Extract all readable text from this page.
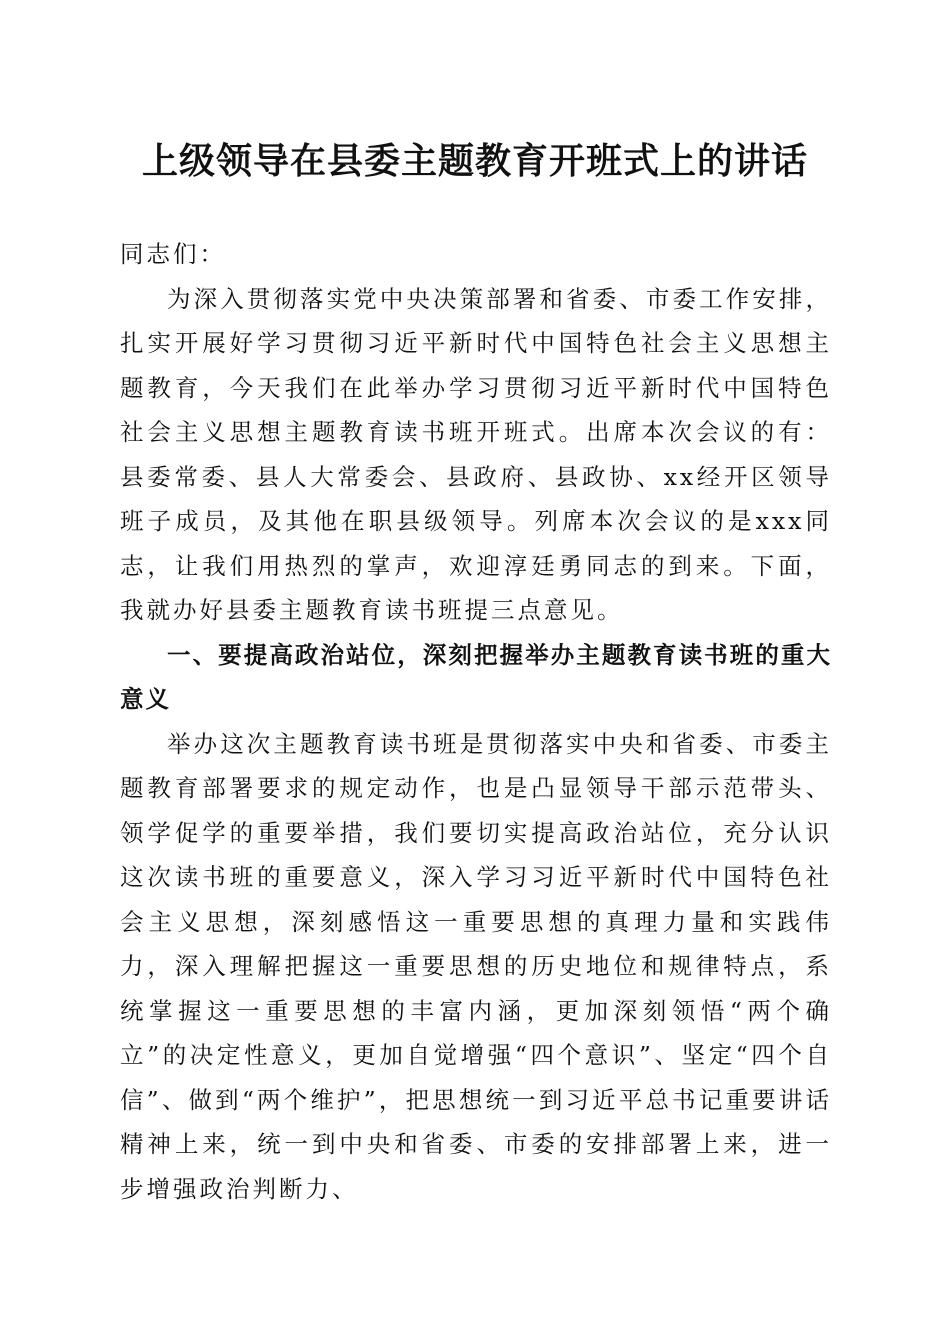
上级领导在县委主题教育开班式上的讲话

同志们：

为深入贯彻落实党中央决策部署和省委、市委工作安排，扎实开展好学习贯彻习近平新时代中国特色社会主义思想主题教育，今天我们在此举办学习贯彻习近平新时代中国特色社会主义思想主题教育读书班开班式。出席本次会议的有：县委常委、县人大常委会、县政府、县政协、xx经开区领导班子成员，及其他在职县级领导。列席本次会议的是xxx同志，让我们用热烈的掌声，欢迎淳廷勇同志的到来。下面，我就办好县委主题教育读书班提三点意见。

一、要提高政治站位，深刻把握举办主题教育读书班的重大意义

举办这次主题教育读书班是贯彻落实中央和省委、市委主题教育部署要求的规定动作，也是凸显领导干部示范带头、领学促学的重要举措，我们要切实提高政治站位，充分认识这次读书班的重要意义，深入学习习近平新时代中国特色社会主义思想，深刻感悟这一重要思想的真理力量和实践伟力，深入理解把握这一重要思想的历史地位和规律特点，系统掌握这一重要思想的丰富内涵，更加深刻领悟“两个确立”的决定性意义，更加自觉增强“四个意识”、坚定“四个自信”、做到“两个维护”，把思想统一到习近平总书记重要讲话精神上来，统一到中央和省委、市委的安排部署上来，进一步增强政治判断力、
